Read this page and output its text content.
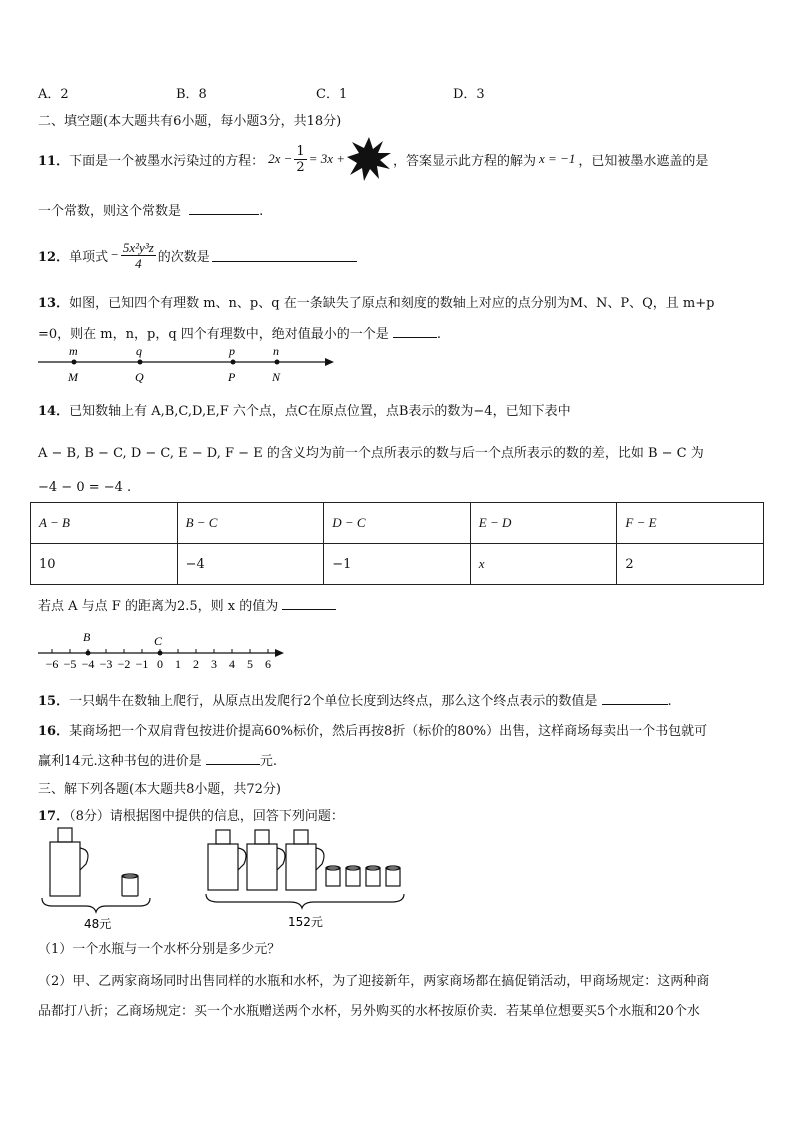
A．2	B．8	C．1	D．3
二、填空题(本大题共有6小题，每小题3分，共18分)
11． 下面是一个被墨水污染过的方程： $2x - \frac{1}{2} = 3x$ +	，答案显示此方程的解为 x = −1 ，已知被墨水遮盖的是
一个常数，则这个常数是	.
12． 单项式 − $\frac{\text{5x²y³z}}{4}$ 的次数是
13．如图，已知四个有理数 m、n、p、q 在一条缺失了原点和刻度的数轴上对应的点分别为M、N、P、Q，且 m+p
=0，则在 m，n，p，q 四个有理数中，绝对值最小的一个是	.
m	q	p	n
M	Q	P	N
14．已知数轴上有 A,B,C,D,E,F 六个点，点C在原点位置，点B表示的数为−4，已知下表中
A − B, B − C, D − C, E − D, F − E 的含义均为前一个点所表示的数与后一个点所表示的数的差，比如 B − C 为
−4 − 0 = −4 .
A − B	B − C	D − C	E − D	F − E
10	−4	−1	x	2
若点 A 与点 F 的距离为2.5，则 x 的值为
−6 −5 −4 −3 −2 −1 0 1 2 3 4 5 6
B	C
15．一只蜗牛在数轴上爬行，从原点出发爬行2个单位长度到达终点，那么这个终点表示的数值是	.
16．某商场把一个双肩背包按进价提高60%标价，然后再按8折（标价的80%）出售，这样商场每卖出一个书包就可
赢利14元.这种书包的进价是	元.
三、解下列各题(本大题共8小题，共72分)
17．（8分）请根据图中提供的信息，回答下列问题：
48元	152元
（1）一个水瓶与一个水杯分别是多少元？
（2）甲、乙两家商场同时出售同样的水瓶和水杯，为了迎接新年，两家商场都在搞促销活动，甲商场规定：这两种商
品都打八折；乙商场规定：买一个水瓶赠送两个水杯，另外购买的水杯按原价卖．若某单位想要买5个水瓶和20个水
